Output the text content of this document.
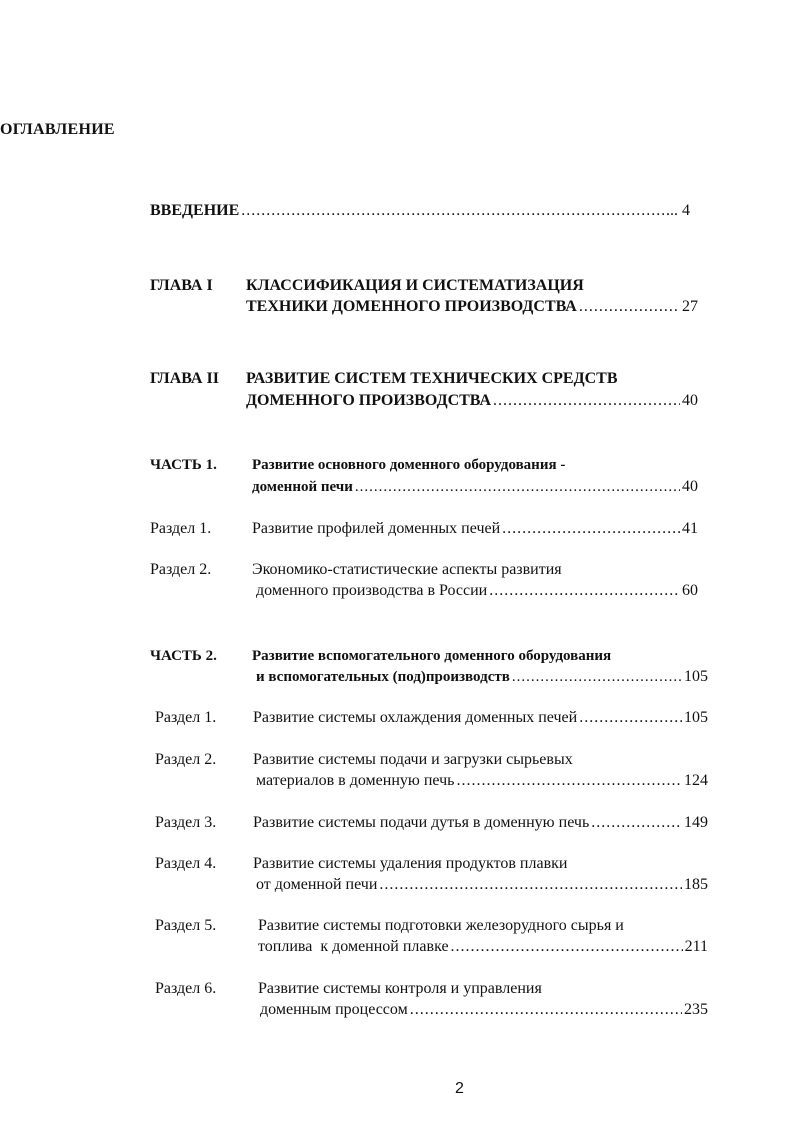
ОГЛАВЛЕНИЕ
ВВЕДЕНИЕ .....	... 4
ГЛАВА I КЛАССИФИКАЦИЯ И СИСТЕМАТИЗАЦИЯ
ТЕХНИКИ ДОМЕННОГО ПРОИЗВОДСТВА .....	27
ГЛАВА II РАЗВИТИЕ СИСТЕМ ТЕХНИЧЕСКИХ СРЕДСТВ
ДОМЕННОГО ПРОИЗВОДСТВА .....	40
ЧАСТЬ 1. Развитие основного доменного оборудования -
доменной печи .....	40
Раздел 1.	Развитие профилей доменных печей .....	41
Раздел 2.	Экономико-статистические аспекты развития
доменного производства в России .....	60
ЧАСТЬ 2. Развитие вспомогательного доменного оборудования
и вспомогательных (под)производств .....	105
Раздел 1. Развитие системы охлаждения доменных печей .....	105
Раздел 2. Развитие системы подачи и загрузки сырьевых
материалов в доменную печь .....	124
Раздел 3. Развитие системы подачи дутья в доменную печь .....	149
Раздел 4. Развитие системы удаления продуктов плавки
от доменной печи .....	185
Раздел 5.	Развитие системы подготовки железорудного сырья и
топлива  к доменной плавке .....	211
Раздел 6.	Развитие системы контроля и управления
доменным процессом .....	235
2
